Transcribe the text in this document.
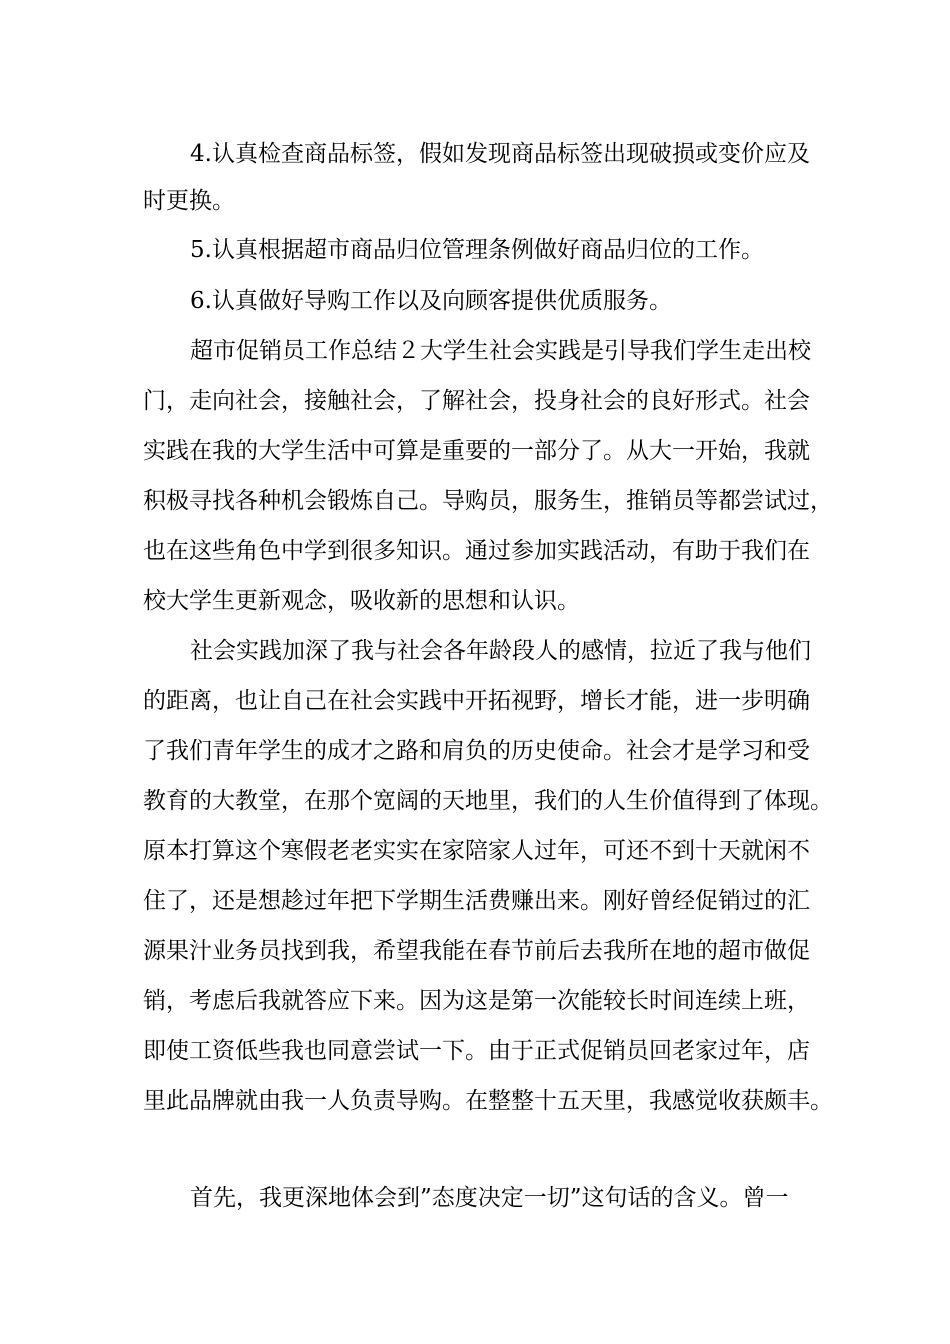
4.认真检查商品标签，假如发现商品标签出现破损或变价应及

时更换。

5.认真根据超市商品归位管理条例做好商品归位的工作。

6.认真做好导购工作以及向顾客提供优质服务。

超市促销员工作总结２大学生社会实践是引导我们学生走出校

门，走向社会，接触社会，了解社会，投身社会的良好形式。社会

实践在我的大学生活中可算是重要的一部分了。从大一开始，我就

积极寻找各种机会锻炼自己。导购员，服务生，推销员等都尝试过，

也在这些角色中学到很多知识。通过参加实践活动，有助于我们在

校大学生更新观念，吸收新的思想和认识。

社会实践加深了我与社会各年龄段人的感情，拉近了我与他们

的距离，也让自己在社会实践中开拓视野，增长才能，进一步明确

了我们青年学生的成才之路和肩负的历史使命。社会才是学习和受

教育的大教堂，在那个宽阔的天地里，我们的人生价值得到了体现。

原本打算这个寒假老老实实在家陪家人过年，可还不到十天就闲不

住了，还是想趁过年把下学期生活费赚出来。刚好曾经促销过的汇

源果汁业务员找到我，希望我能在春节前后去我所在地的超市做促

销，考虑后我就答应下来。因为这是第一次能较长时间连续上班，

即使工资低些我也同意尝试一下。由于正式促销员回老家过年，店

里此品牌就由我一人负责导购。在整整十五天里，我感觉收获颇丰。

首先，我更深地体会到”态度决定一切”这句话的含义。曾一
